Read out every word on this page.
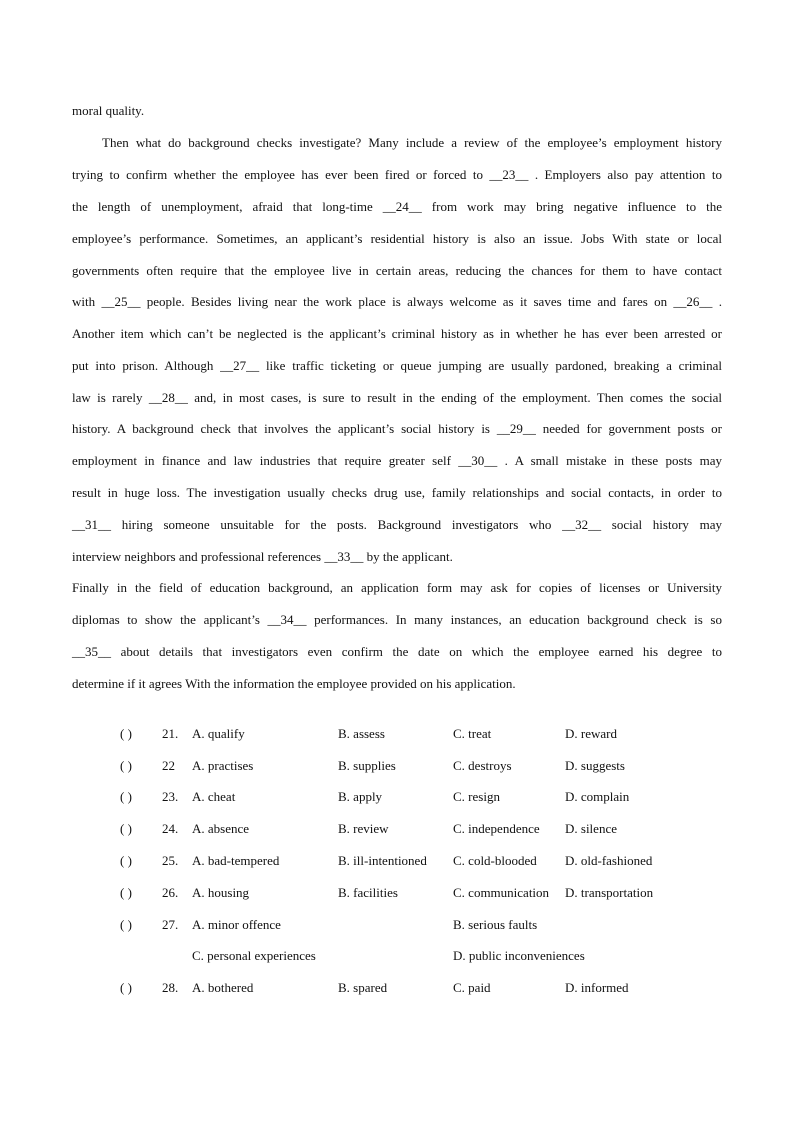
moral quality.
Then what do background checks investigate? Many include a review of the employee’s employment history
trying to confirm whether the employee has ever been fired or forced to __23__ . Employers also pay attention to
the length of unemployment, afraid that long-time __24__ from work may bring negative influence to the
employee’s performance. Sometimes, an applicant’s residential history is also an issue. Jobs With state or local
governments often require that the employee live in certain areas, reducing the chances for them to have contact
with __25__ people. Besides living near the work place is always welcome as it saves time and fares on __26__ .
Another item which can’t be neglected is the applicant’s criminal history as in whether he has ever been arrested or
put into prison. Although __27__ like traffic ticketing or queue jumping are usually pardoned, breaking a criminal
law is rarely __28__ and, in most cases, is sure to result in the ending of the employment. Then comes the social
history. A background check that involves the applicant’s social history is __29__ needed for government posts or
employment in finance and law industries that require greater self __30__ . A small mistake in these posts may
result in huge loss. The investigation usually checks drug use, family relationships and social contacts, in order to
__31__ hiring someone unsuitable for the posts. Background investigators who __32__ social history may
interview neighbors and professional references __33__ by the applicant.
Finally in the field of education background, an application form may ask for copies of licenses or University
diplomas to show the applicant’s __34__ performances. In many instances, an education background check is so
__35__ about details that investigators even confirm the date on which the employee earned his degree to
determine if it agrees With the information the employee provided on his application.
( ) 21. A. qualify	B. assess	C. treat	D. reward
( ) 22 A. practises	B. supplies	C. destroys	D. suggests
( ) 23. A. cheat	B. apply	C. resign	D. complain
( ) 24. A. absence	B. review	C. independence D. silence
( ) 25. A. bad-tempered	B. ill-intentioned C. cold-blooded D. old-fashioned
( ) 26. A. housing	B. facilities	C. communication D. transportation
( ) 27. A. minor offence	B. serious faults
C. personal experiences	D. public inconveniences
( ) 28. A. bothered	B. spared	C. paid	D. informed
